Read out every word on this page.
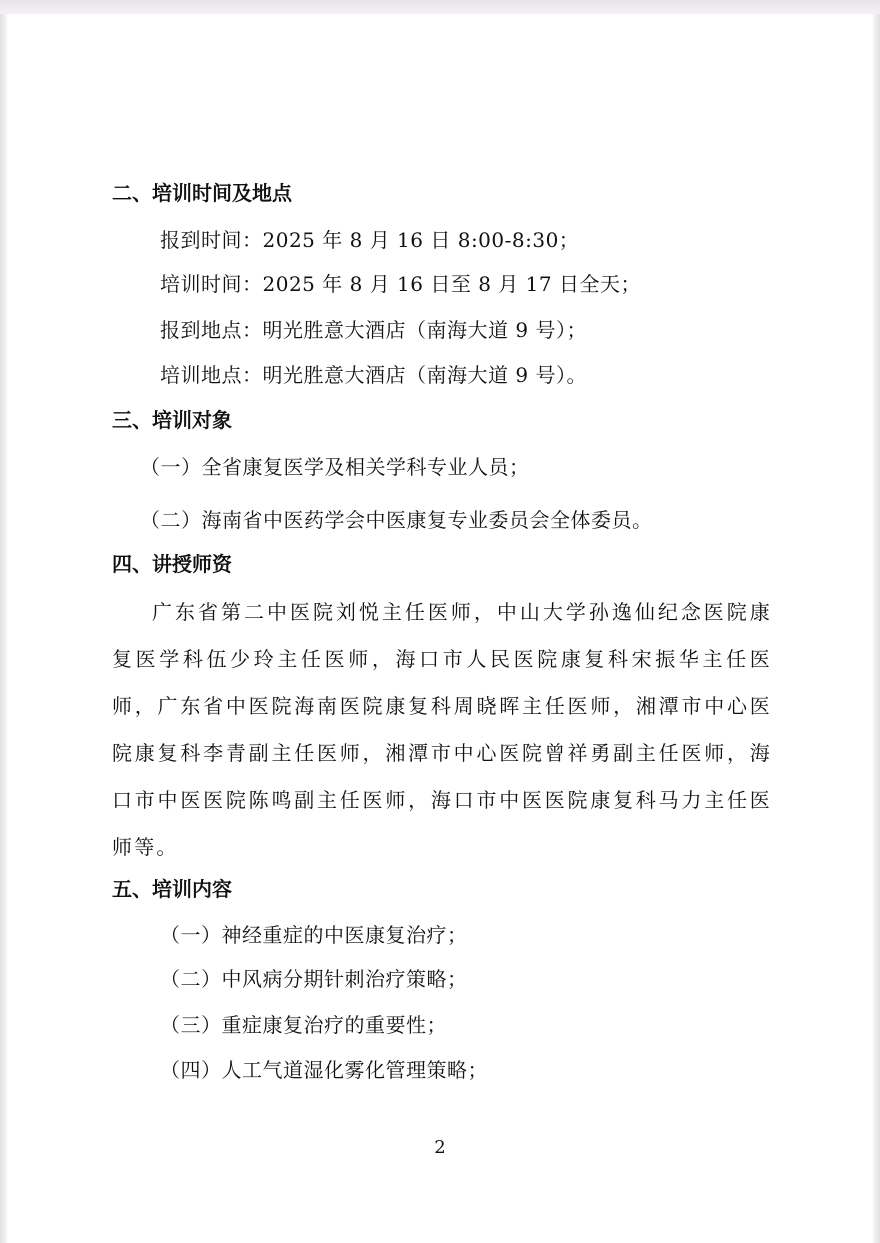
二、培训时间及地点
报到时间：2025 年 8 月 16 日 8:00-8:30；
培训时间：2025 年 8 月 16 日至 8 月 17 日全天；
报到地点：明光胜意大酒店（南海大道 9 号）；
培训地点：明光胜意大酒店（南海大道 9 号）。
三、培训对象
（一）全省康复医学及相关学科专业人员；
（二）海南省中医药学会中医康复专业委员会全体委员。
四、讲授师资

广东省第二中医院刘悦主任医师，中山大学孙逸仙纪念医院康复医学科伍少玲主任医师，海口市人民医院康复科宋振华主任医师，广东省中医院海南医院康复科周晓晖主任医师，湘潭市中心医院康复科李青副主任医师，湘潭市中心医院曾祥勇副主任医师，海口市中医医院陈鸣副主任医师，海口市中医医院康复科马力主任医师等。

五、培训内容
（一）神经重症的中医康复治疗；
（二）中风病分期针刺治疗策略；
（三）重症康复治疗的重要性；
（四）人工气道湿化雾化管理策略；
2
